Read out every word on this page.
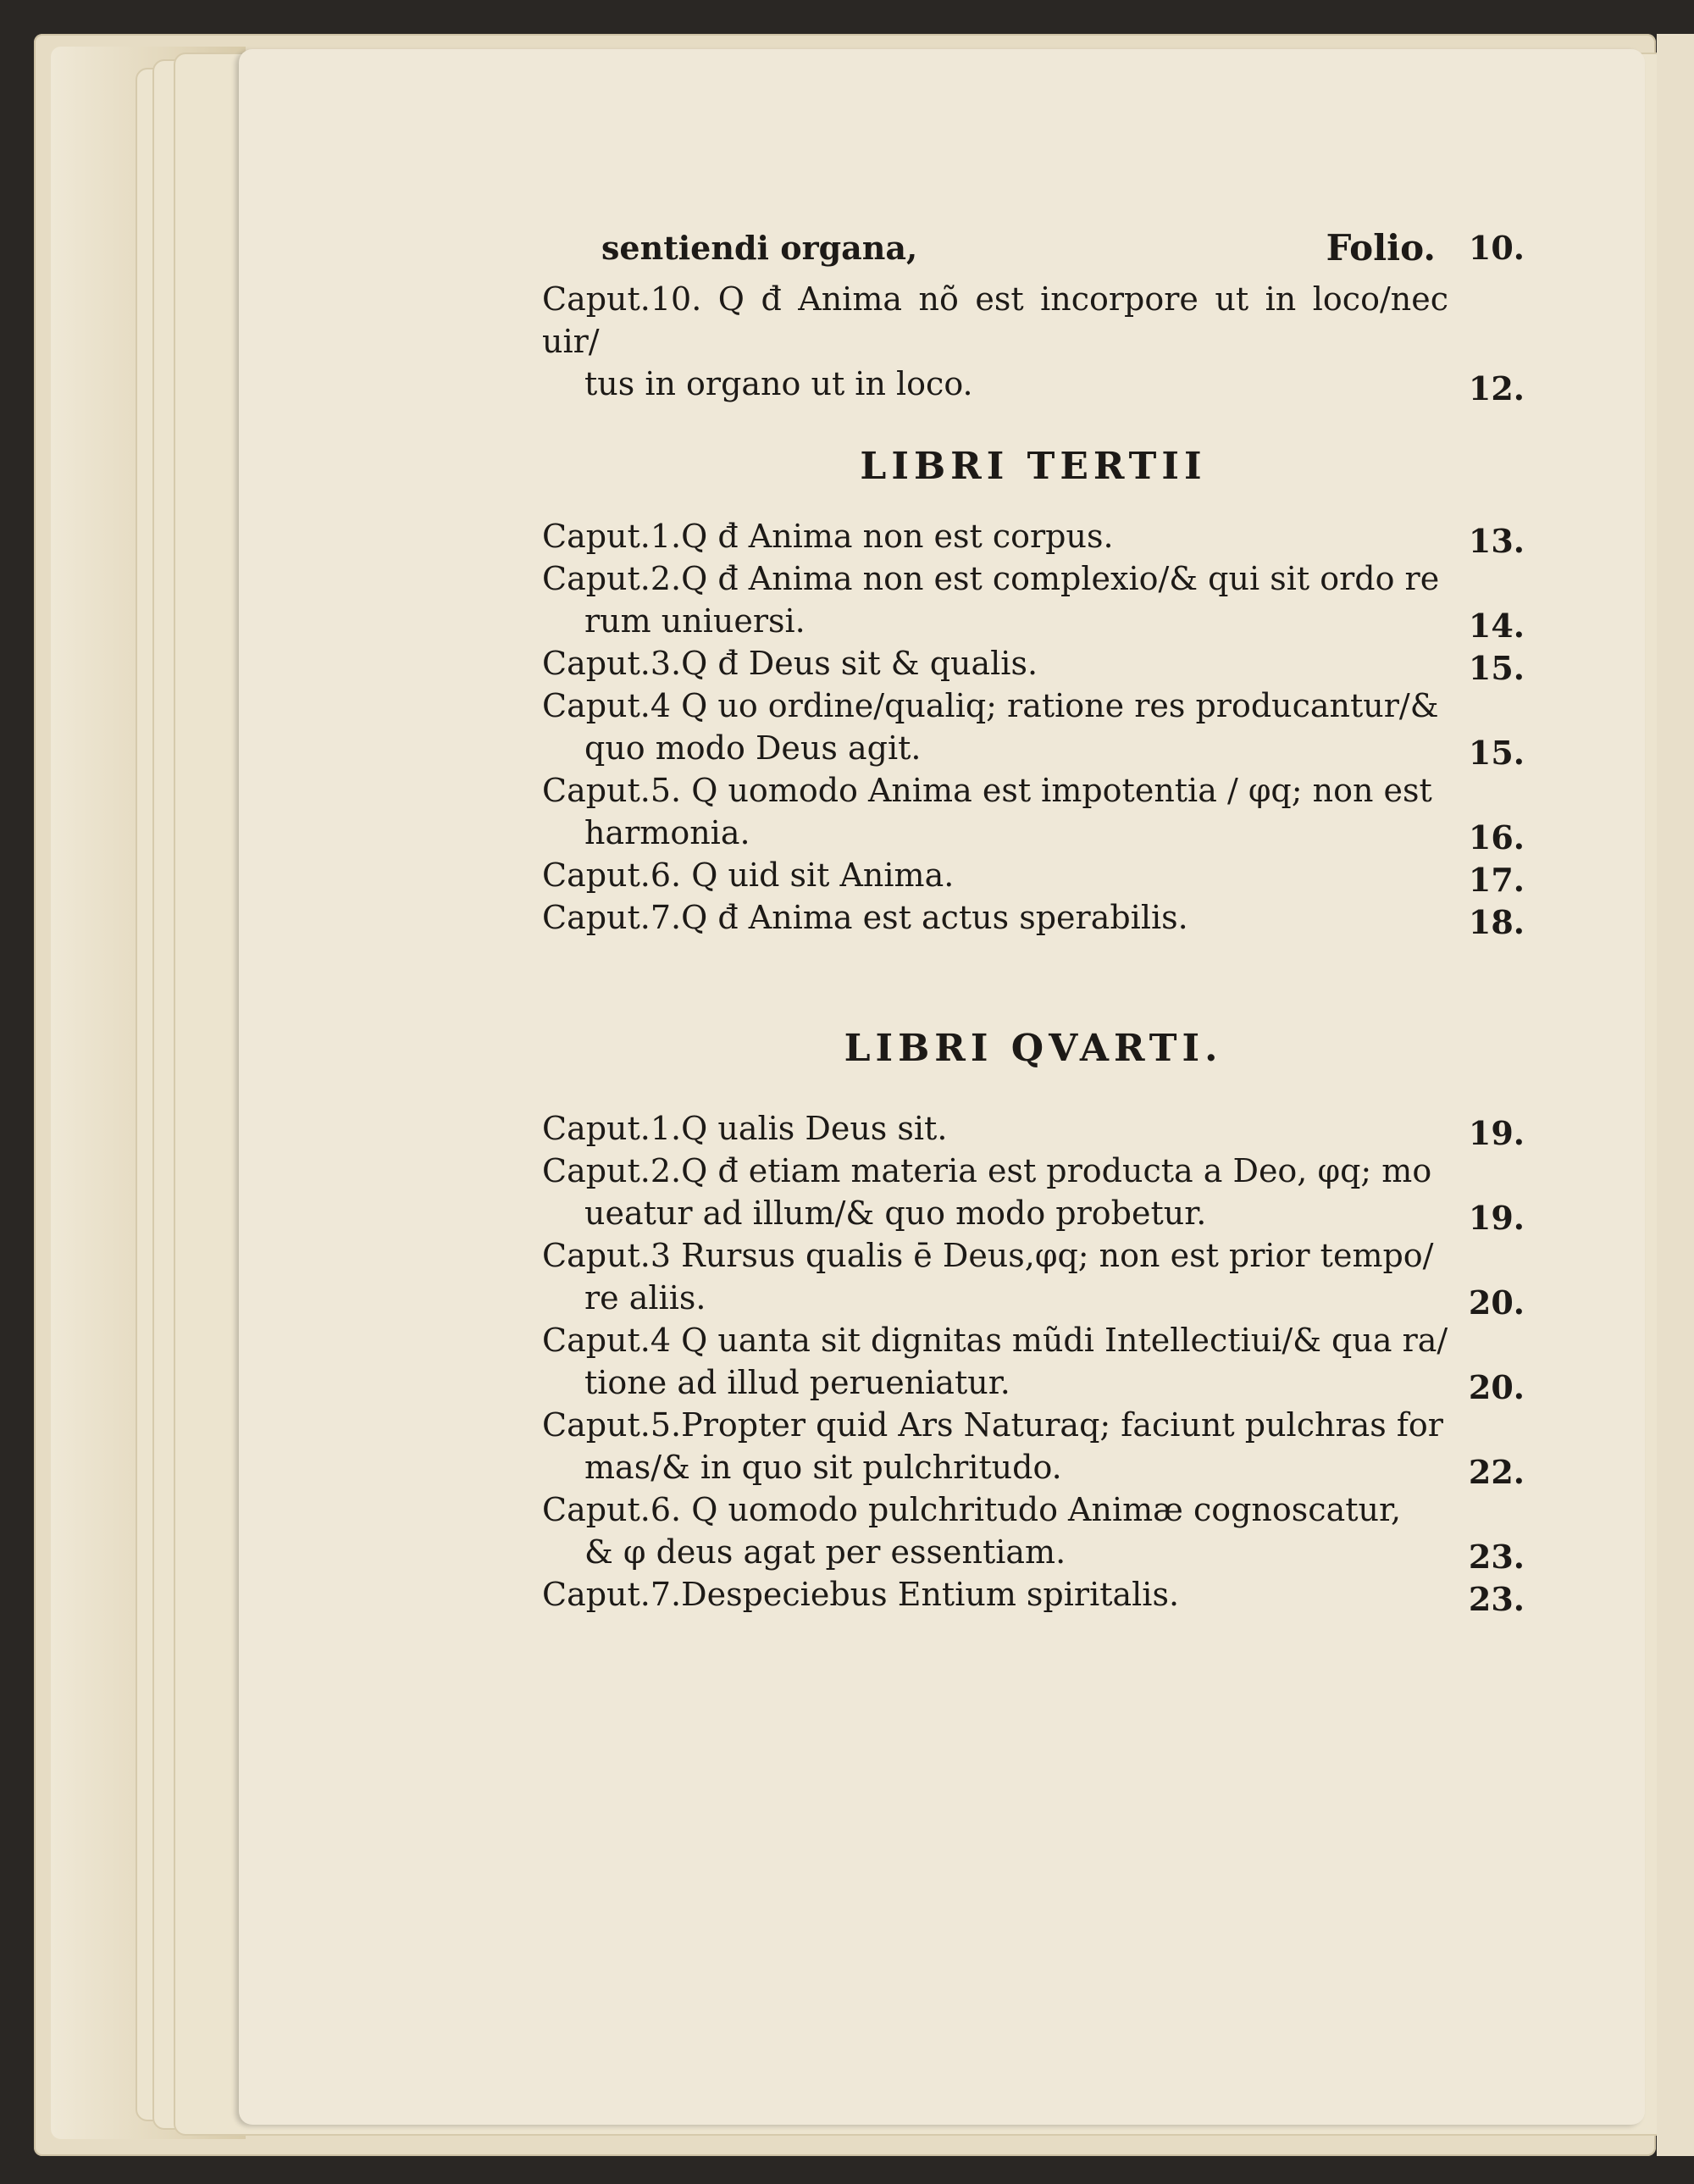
sentiendi organa,	Folio. 10.
Caput.10. Q đ Anima nõ est incorpore ut in loco/nec uir/
tus in organo ut in loco.	12.
LIBRI TERTII
Caput.1.Q đ Anima non est corpus.	13.
Caput.2.Q đ Anima non est complexio/& qui sit ordo re
rum uniuersi.	14.
Caput.3.Q đ Deus sit & qualis.	15.
Caput.4 Q uo ordine/qualiq; ratione res producantur/&
quo modo Deus agit.	15.
Caput.5. Q uomodo Anima est impotentia / φq; non est
harmonia.	16.
Caput.6. Q uid sit Anima.	17.
Caput.7.Q đ Anima est actus sperabilis.	18.
LIBRI QVARTI.
Caput.1.Q ualis Deus sit.	19.
Caput.2.Q đ etiam materia est producta a Deo, φq; mo
ueatur ad illum/& quo modo probetur.	19.
Caput.3 Rursus qualis ē Deus,φq; non est prior tempo/
re aliis.	20.
Caput.4 Q uanta sit dignitas mũdi Intellectiui/& qua ra/
tione ad illud perueniatur.	20.
Caput.5.Propter quid Ars Naturaq; faciunt pulchras for
mas/& in quo sit pulchritudo.	22.
Caput.6. Q uomodo pulchritudo Animæ cognoscatur,
& φ deus agat per essentiam.	23.
Caput.7.Despeciebus Entium spiritalis.	23.
